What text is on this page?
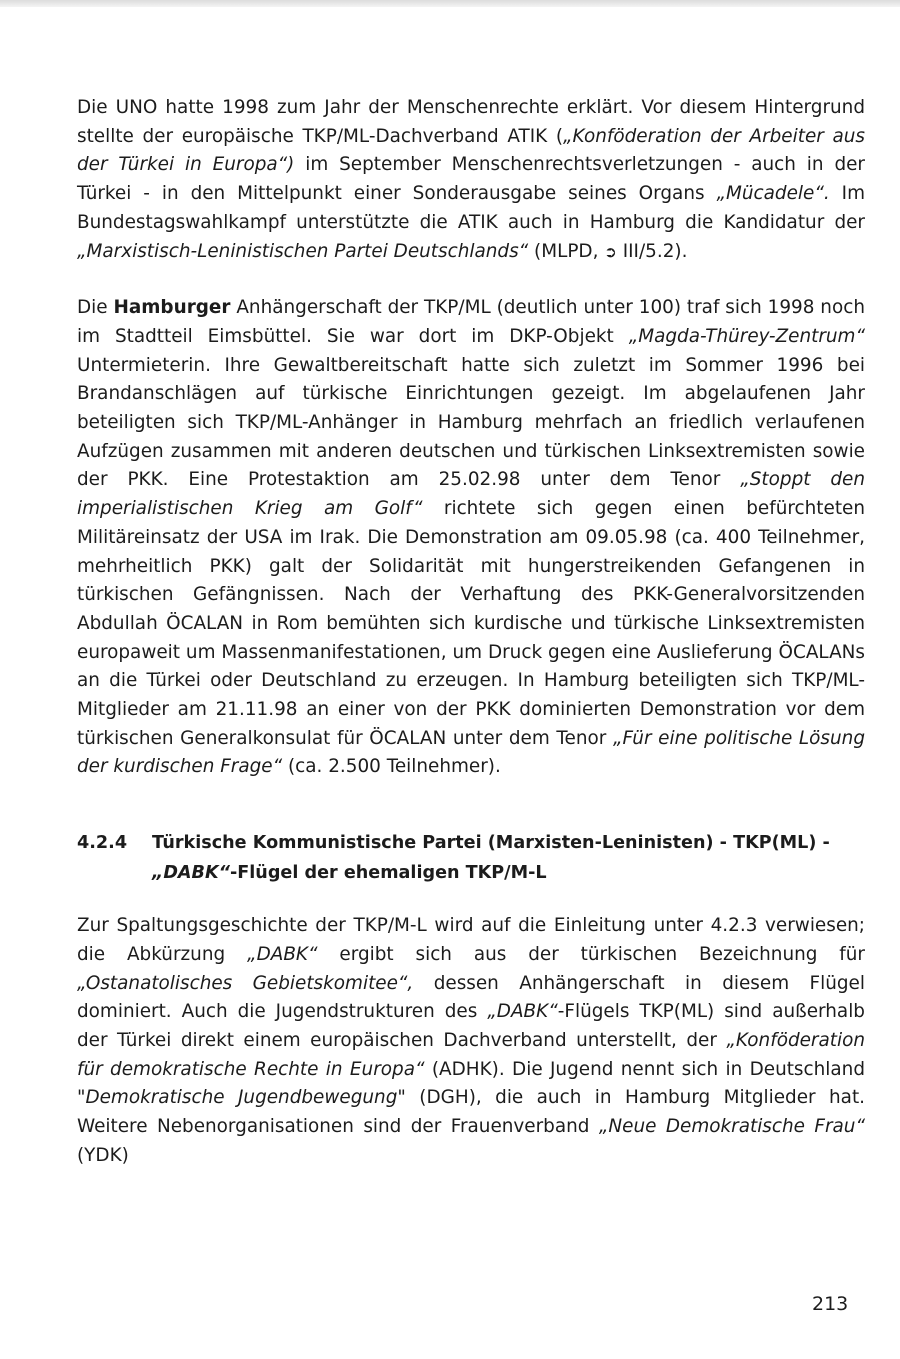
Die UNO hatte 1998 zum Jahr der Menschenrechte erklärt. Vor diesem Hintergrund stellte der europäische TKP/ML-Dachverband ATIK („Konföderation der Arbeiter aus der Türkei in Europa“) im September Menschenrechtsverletzungen - auch in der Türkei - in den Mittelpunkt einer Sonderausgabe seines Organs „Mücadele“. Im Bundestagswahlkampf unterstützte die ATIK auch in Hamburg die Kandidatur der „Marxistisch-Leninistischen Partei Deutschlands“ (MLPD, ➲ III/5.2).

Die Hamburger Anhängerschaft der TKP/ML (deutlich unter 100) traf sich 1998 noch im Stadtteil Eimsbüttel. Sie war dort im DKP-Objekt „Magda-Thürey-Zentrum“ Untermieterin. Ihre Gewaltbereitschaft hatte sich zuletzt im Sommer 1996 bei Brandanschlägen auf türkische Einrichtungen gezeigt. Im abgelaufenen Jahr beteiligten sich TKP/ML-Anhänger in Hamburg mehrfach an friedlich verlaufenen Aufzügen zusammen mit anderen deutschen und türkischen Linksextremisten sowie der PKK. Eine Protestaktion am 25.02.98 unter dem Tenor „Stoppt den imperialistischen Krieg am Golf“ richtete sich gegen einen befürchteten Militäreinsatz der USA im Irak. Die Demonstration am 09.05.98 (ca. 400 Teilnehmer, mehrheitlich PKK) galt der Solidarität mit hungerstreikenden Gefangenen in türkischen Gefängnissen. Nach der Verhaftung des PKK-Generalvorsitzenden Abdullah ÖCALAN in Rom bemühten sich kurdische und türkische Linksextremisten europaweit um Massenmanifestationen, um Druck gegen eine Auslieferung ÖCALANs an die Türkei oder Deutschland zu erzeugen. In Hamburg beteiligten sich TKP/ML-Mitglieder am 21.11.98 an einer von der PKK dominierten Demonstration vor dem türkischen Generalkonsulat für ÖCALAN unter dem Tenor „Für eine politische Lösung der kurdischen Frage“ (ca. 2.500 Teilnehmer).

4.2.4	Türkische Kommunistische Partei (Marxisten-Leninisten) - TKP(ML) -
„DABK“-Flügel der ehemaligen TKP/M-L

Zur Spaltungsgeschichte der TKP/M-L wird auf die Einleitung unter 4.2.3 verwiesen; die Abkürzung „DABK“ ergibt sich aus der türkischen Bezeichnung für „Ostanatolisches Gebietskomitee“, dessen Anhängerschaft in diesem Flügel dominiert. Auch die Jugendstrukturen des „DABK“-Flügels TKP(ML) sind außerhalb der Türkei direkt einem europäischen Dachverband unterstellt, der „Konföderation für demokratische Rechte in Europa“ (ADHK). Die Jugend nennt sich in Deutschland "Demokratische Jugendbewegung" (DGH), die auch in Hamburg Mitglieder hat. Weitere Nebenorganisationen sind der Frauenverband „Neue Demokratische Frau“ (YDK)

213
